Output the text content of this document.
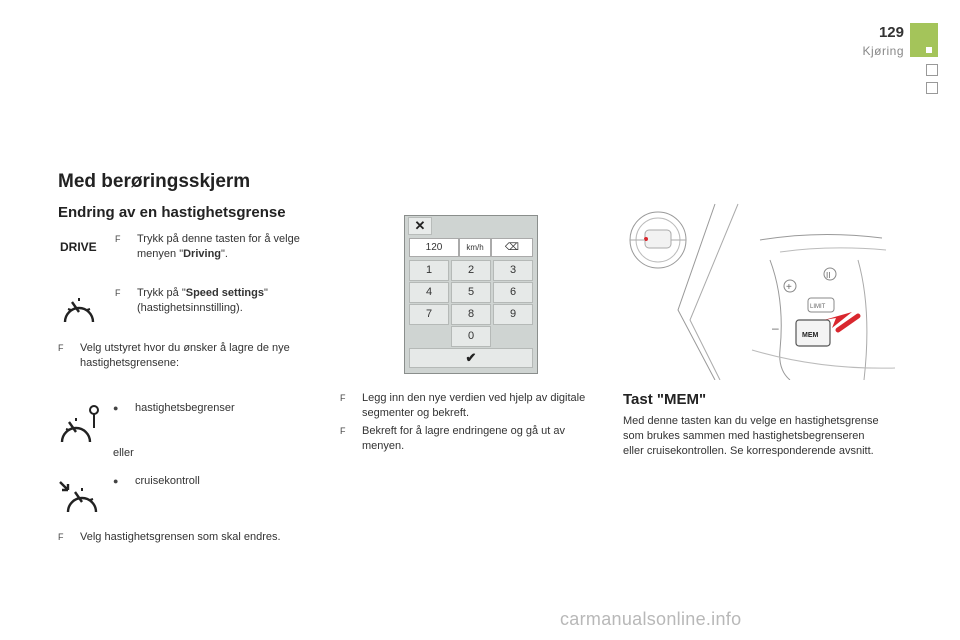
129
Kjøring
Med berøringsskjerm
Endring av en hastighetsgrense
DRIVE
F Trykk på denne tasten for å velge menyen "Driving".
F Trykk på "Speed settings"(hastighetsinnstilling).
F Velg utstyret hvor du ønsker å lagre de nye hastighetsgrensene:
● hastighetsbegrenser
eller
● cruisekontroll
F Velg hastighetsgrensen som skal endres.
✕
120	km/h	⌫
1	2	3
4	5	6
7	8	9
0
✔
F Legg inn den nye verdien ved hjelp av digitale segmenter og bekreft.
F Bekreft for å lagre endringene og gå ut av menyen.
+
II
–
LIMIT
MEM
Tast "MEM"
Med denne tasten kan du velge en hastighetsgrense som brukes sammen med hastighetsbegrenseren eller cruisekontrollen. Se korresponderende avsnitt.
carmanualsonline.info
